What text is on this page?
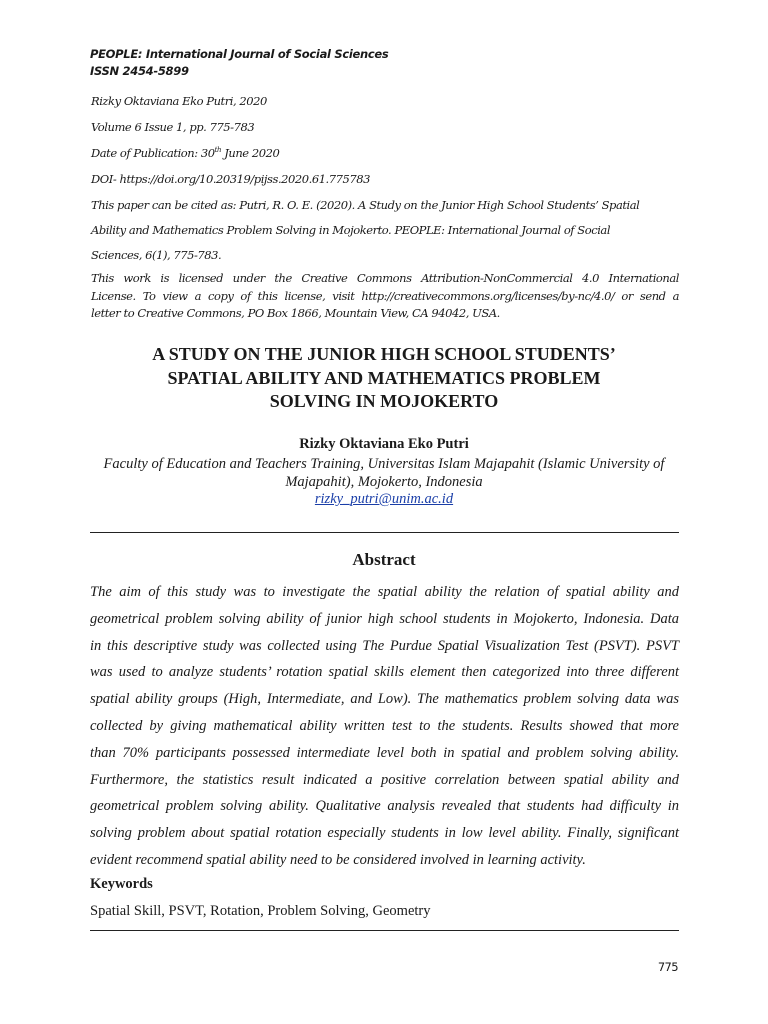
PEOPLE: International Journal of Social Sciences
ISSN 2454-5899
Rizky Oktaviana Eko Putri, 2020
Volume 6 Issue 1, pp. 775-783
Date of Publication: 30th June 2020
DOI- https://doi.org/10.20319/pijss.2020.61.775783
This paper can be cited as: Putri, R. O. E. (2020). A Study on the Junior High School Students’ Spatial
Ability and Mathematics Problem Solving in Mojokerto. PEOPLE: International Journal of Social
Sciences, 6(1), 775-783.
This work is licensed under the Creative Commons Attribution-NonCommercial 4.0 International
License. To view a copy of this license, visit http://creativecommons.org/licenses/by-nc/4.0/ or send a
letter to Creative Commons, PO Box 1866, Mountain View, CA 94042, USA.
A STUDY ON THE JUNIOR HIGH SCHOOL STUDENTS’
SPATIAL ABILITY AND MATHEMATICS PROBLEM
SOLVING IN MOJOKERTO
Rizky Oktaviana Eko Putri
Faculty of Education and Teachers Training, Universitas Islam Majapahit (Islamic University of
Majapahit), Mojokerto, Indonesia
rizky_putri@unim.ac.id
Abstract
The aim of this study was to investigate the spatial ability the relation of spatial ability and
geometrical problem solving ability of junior high school students in Mojokerto, Indonesia. Data
in this descriptive study was collected using The Purdue Spatial Visualization Test (PSVT). PSVT
was used to analyze students’ rotation spatial skills element then categorized into three different
spatial ability groups (High, Intermediate, and Low). The mathematics problem solving data was
collected by giving mathematical ability written test to the students. Results showed that more
than 70% participants possessed intermediate level both in spatial and problem solving ability.
Furthermore, the statistics result indicated a positive correlation between spatial ability and
geometrical problem solving ability. Qualitative analysis revealed that students had difficulty in
solving problem about spatial rotation especially students in low level ability. Finally, significant
evident recommend spatial ability need to be considered involved in learning activity.
Keywords
Spatial Skill, PSVT, Rotation, Problem Solving, Geometry
775
